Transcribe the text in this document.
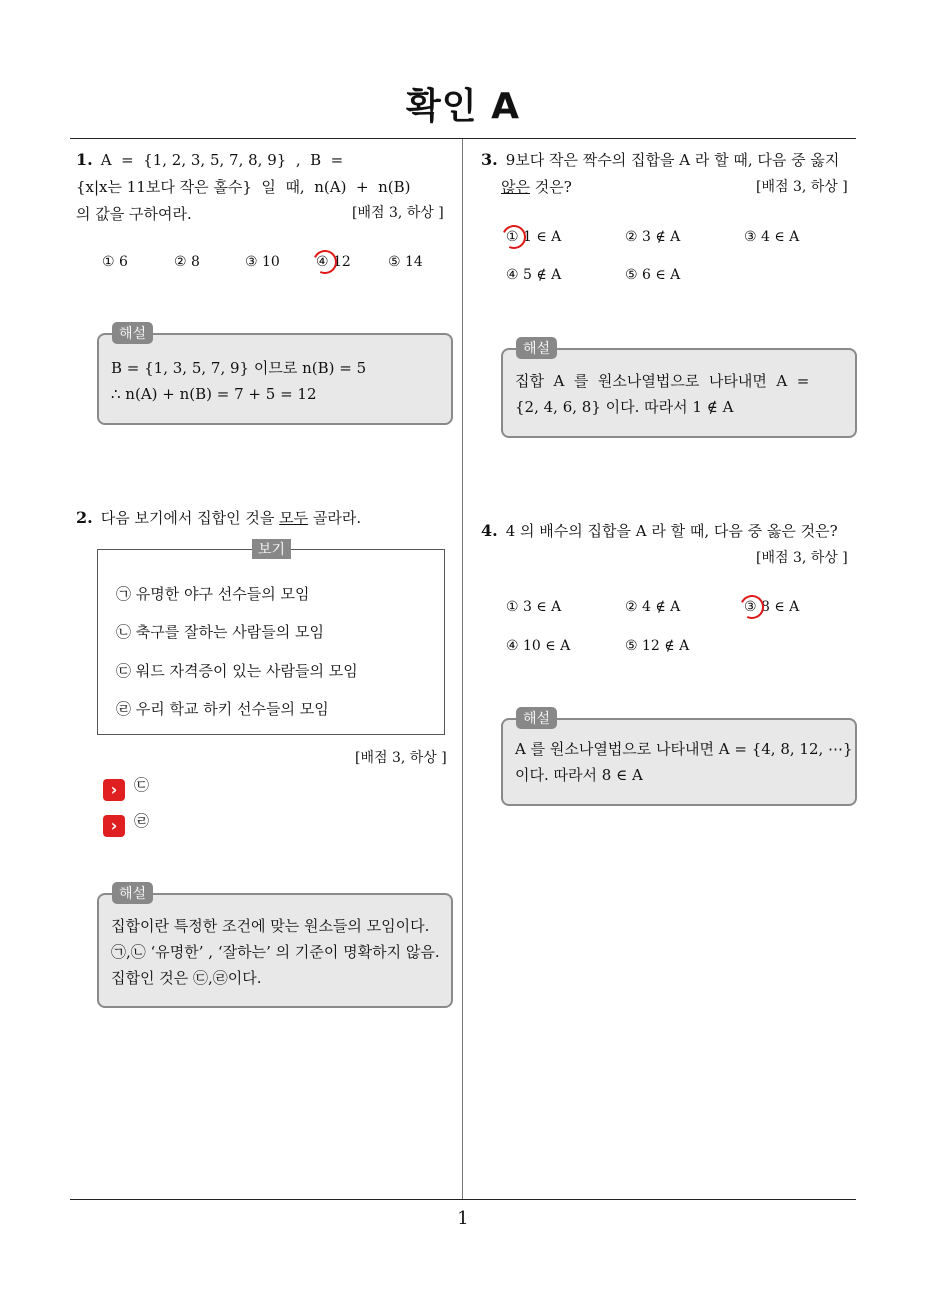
확인 A
1. A  =  {1, 2, 3, 5, 7, 8, 9}  ,  B  =
{x|x는 11보다 작은 홀수}  일  때,  n(A)  +  n(B)
의 값을 구하여라.	[배점 3, 하상 ]
① 6	② 8	③ 10	④ 12	⑤ 14
B = {1, 3, 5, 7, 9} 이므로 n(B) = 5
∴ n(A) + n(B) = 7 + 5 = 12
해설
2. 다음 보기에서 집합인 것을 모두 골라라.
보기
㉠ 유명한 야구 선수들의 모임
㉡ 축구를 잘하는 사람들의 모임
㉢ 워드 자격증이 있는 사람들의 모임
㉣ 우리 학교 하키 선수들의 모임
[배점 3, 하상 ]
›	㉢
›	㉣
집합이란 특정한 조건에 맞는 원소들의 모임이다.
㉠,㉡ ‘유명한’ , ‘잘하는’ 의 기준이 명확하지 않음.
집합인 것은 ㉢,㉣이다.
해설
3. 9보다 작은 짝수의 집합을 A 라 할 때, 다음 중 옳지
않은 것은?	[배점 3, 하상 ]
① 1 ∈ A	② 3 ∉ A	③ 4 ∈ A
④ 5 ∉ A	⑤ 6 ∈ A
집합  A  를  원소나열법으로  나타내면  A  =
{2, 4, 6, 8} 이다. 따라서 1 ∉ A
해설
4. 4 의 배수의 집합을 A 라 할 때, 다음 중 옳은 것은?
[배점 3, 하상 ]
① 3 ∈ A	② 4 ∉ A	③ 8 ∈ A
④ 10 ∈ A	⑤ 12 ∉ A
A 를 원소나열법으로 나타내면 A = {4, 8, 12, ⋯}
이다. 따라서 8 ∈ A
해설
1
